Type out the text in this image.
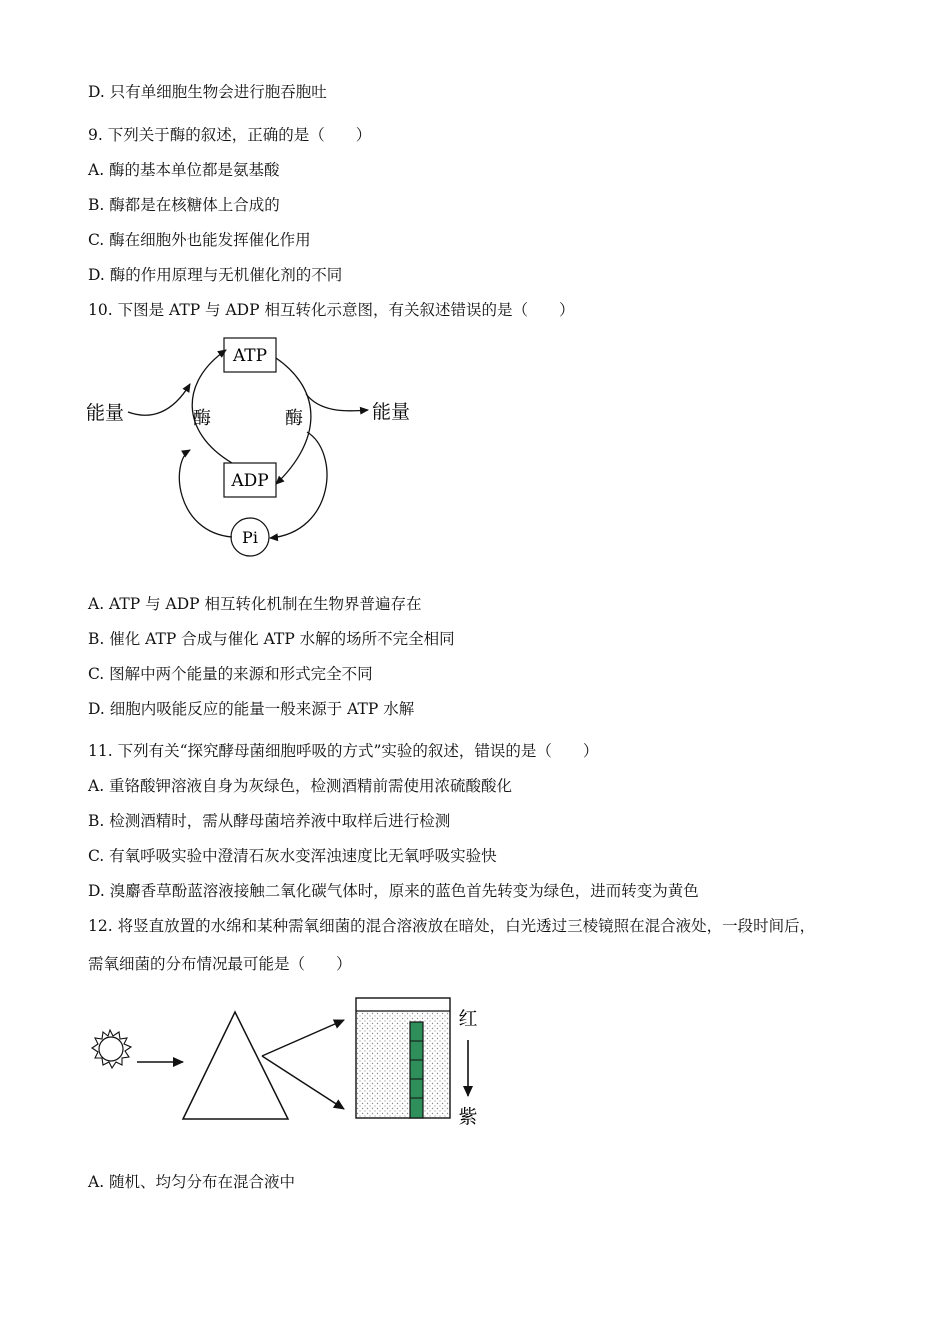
D. 只有单细胞生物会进行胞吞胞吐
9. 下列关于酶的叙述，正确的是（　　）
A. 酶的基本单位都是氨基酸
B. 酶都是在核糖体上合成的
C. 酶在细胞外也能发挥催化作用
D. 酶的作用原理与无机催化剂的不同
10. 下图是 ATP 与 ADP 相互转化示意图，有关叙述错误的是（　　）
ATP
ADP
Pi
能量	能量
酶	酶
A. ATP 与 ADP 相互转化机制在生物界普遍存在
B. 催化 ATP 合成与催化 ATP 水解的场所不完全相同
C. 图解中两个能量的来源和形式完全不同
D. 细胞内吸能反应的能量一般来源于 ATP 水解
11. 下列有关“探究酵母菌细胞呼吸的方式”实验的叙述，错误的是（　　）
A. 重铬酸钾溶液自身为灰绿色，检测酒精前需使用浓硫酸酸化
B. 检测酒精时，需从酵母菌培养液中取样后进行检测
C. 有氧呼吸实验中澄清石灰水变浑浊速度比无氧呼吸实验快
D. 溴麝香草酚蓝溶液接触二氧化碳气体时，原来的蓝色首先转变为绿色，进而转变为黄色
12. 将竖直放置的水绵和某种需氧细菌的混合溶液放在暗处，白光透过三棱镜照在混合液处，一段时间后，
需氧细菌的分布情况最可能是（　　）
红
紫
A. 随机、均匀分布在混合液中
